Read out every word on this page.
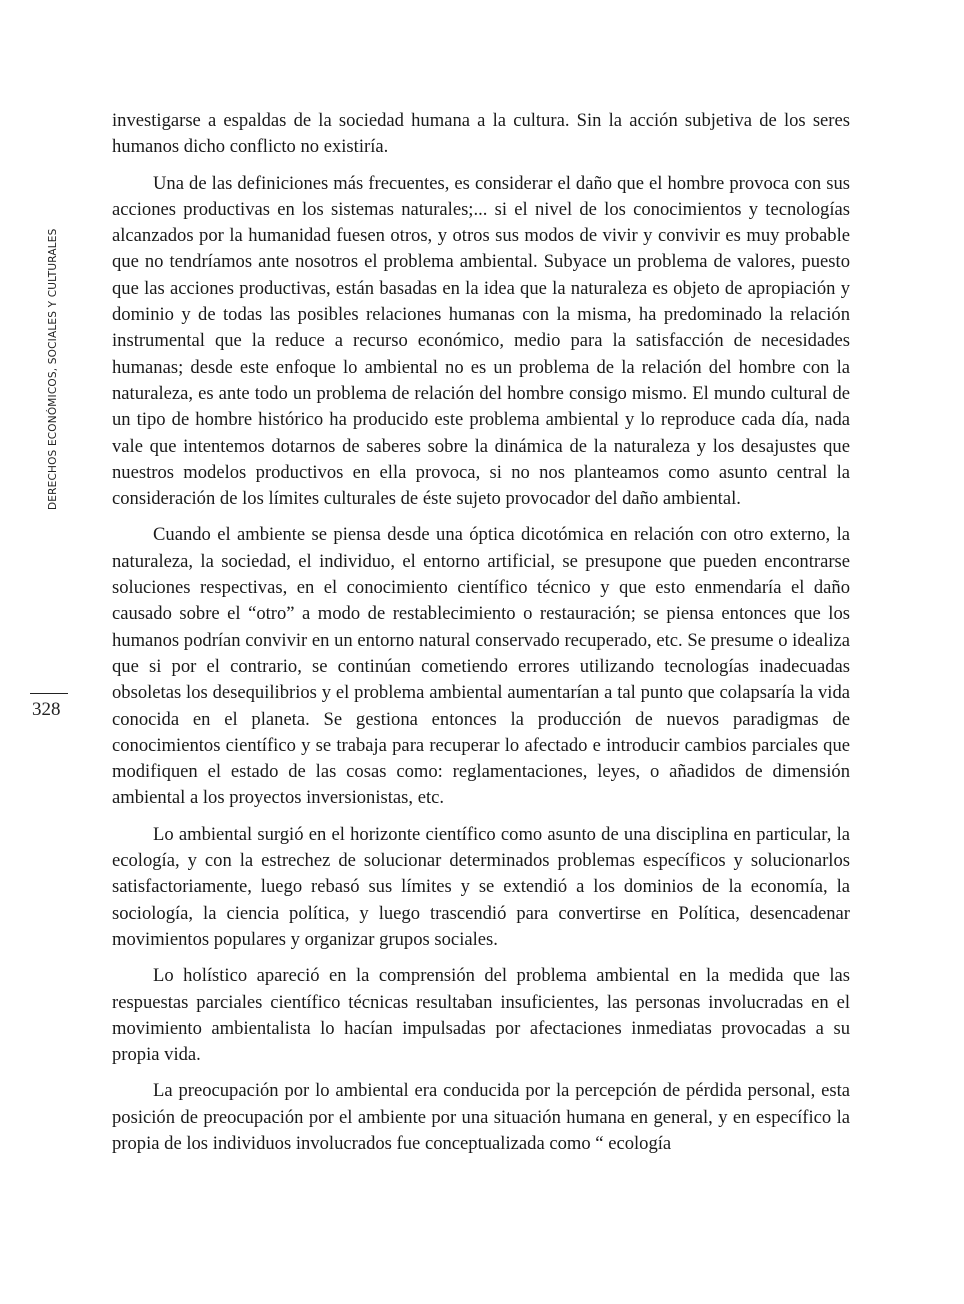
DERECHOS ECONÓMICOS, SOCIALES Y CULTURALES
328

investigarse a espaldas de la sociedad humana a la cultura. Sin la acción subjetiva de los seres humanos dicho conflicto no existiría.

Una de las definiciones más frecuentes, es considerar el daño que el hombre provoca con sus acciones productivas en los sistemas naturales;... si el nivel de los conocimientos y tecnologías alcanzados por la humanidad fuesen otros, y otros sus modos de vivir y convivir es muy probable que no tendríamos ante nosotros el problema ambiental. Subyace un problema de valores, puesto que las acciones productivas, están basadas en la idea que la naturaleza es objeto de apropiación y dominio y de todas las posibles relaciones humanas con la misma, ha predominado la relación instrumental que la reduce a recurso económico, medio para la satisfacción de necesidades humanas; desde este enfoque lo ambiental no es un problema de la relación del hombre con la naturaleza, es ante todo un problema de relación del hombre consigo mismo. El mundo cultural de un tipo de hombre histórico ha producido este problema ambiental y lo reproduce cada día, nada vale que intentemos dotarnos de saberes sobre la dinámica de la naturaleza y los desajustes que nuestros modelos productivos en ella provoca, si no nos planteamos como asunto central la consideración de los límites culturales de éste sujeto provocador del daño ambiental.

Cuando el ambiente se piensa desde una óptica dicotómica en relación con otro externo, la naturaleza, la sociedad, el individuo, el entorno artificial, se presupone que pueden encontrarse soluciones respectivas, en el conocimiento científico técnico y que esto enmendaría el daño causado sobre el “otro” a modo de restablecimiento o restauración; se piensa entonces que los humanos podrían convivir en un entorno natural conservado recuperado, etc. Se presume o idealiza que si por el contrario, se continúan cometiendo errores utilizando tecnologías inadecuadas obsoletas los desequilibrios y el problema ambiental aumentarían a tal punto que colapsaría la vida conocida en el planeta. Se gestiona entonces la producción de nuevos paradigmas de conocimientos científico y se trabaja para recuperar lo afectado e introducir cambios parciales que modifiquen el estado de las cosas como: reglamentaciones, leyes, o añadidos de dimensión ambiental a los proyectos inversionistas, etc.

Lo ambiental surgió en el horizonte científico como asunto de una disciplina en particular, la ecología, y con la estrechez de solucionar determinados problemas específicos y solucionarlos satisfactoriamente, luego rebasó sus límites y se extendió a los dominios de la economía, la sociología, la ciencia política, y luego trascendió para convertirse en Política, desencadenar movimientos populares y organizar grupos sociales.

Lo holístico apareció en la comprensión del problema ambiental en la medida que las respuestas parciales científico técnicas resultaban insuficientes, las personas involucradas en el movimiento ambientalista lo hacían impulsadas por afectaciones inmediatas provocadas a su propia vida.

La preocupación por lo ambiental era conducida por la percepción de pérdida personal, esta posición de preocupación por el ambiente por una situación humana en general, y en específico la propia de los individuos involucrados fue conceptualizada como “ ecología
